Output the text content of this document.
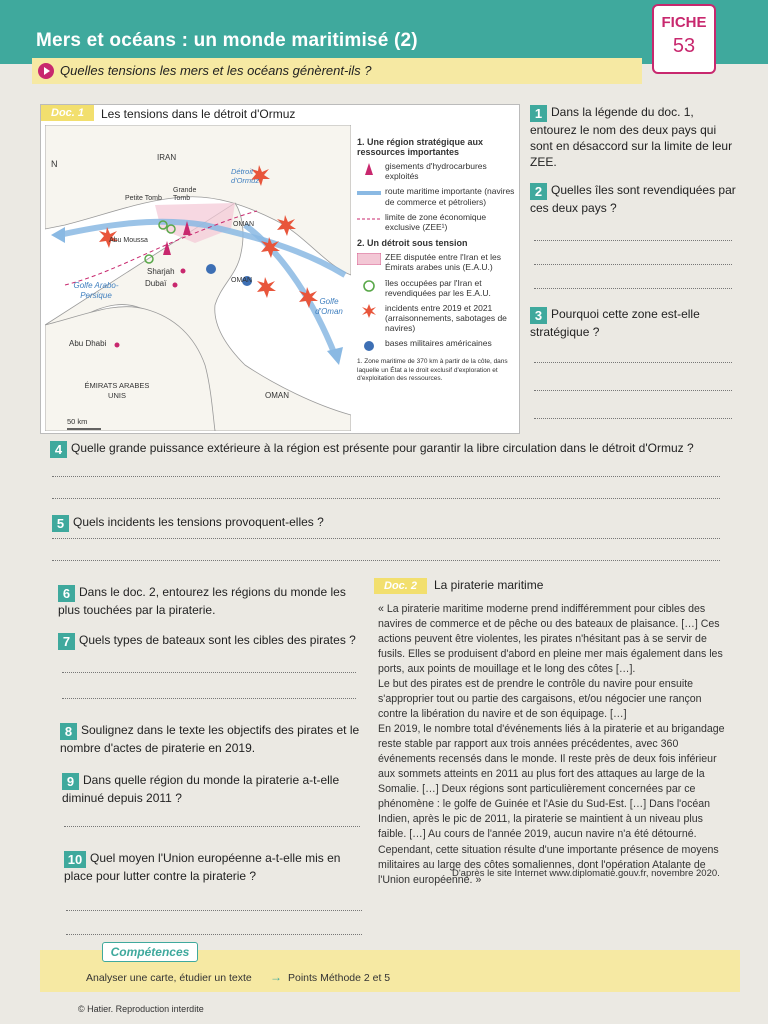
Mers et océans : un monde maritimisé (2)
FICHE
53
Quelles tensions les mers et les océans génèrent-ils ?
Doc. 1	Les tensions dans le détroit d'Ormuz
N
IRAN
Détroit d'Ormuz
Petite Tomb
Grande Tomb
Abu Moussa
OMAN
Sharjah
Dubaï	OMAN
Golfe Arabo-Persique
Golfe d'Oman
Abu Dhabi
ÉMIRATS ARABES UNIS	OMAN
50 km
1. Une région stratégique aux ressources importantes
gisements d'hydrocarbures exploités
route maritime importante (navires de commerce et pétroliers)
limite de zone économique exclusive (ZEE¹)
2. Un détroit sous tension
ZEE disputée entre l'Iran et les Émirats arabes unis (E.A.U.)
îles occupées par l'Iran et revendiquées par les E.A.U.
incidents entre 2019 et 2021 (arraisonnements, sabotages de navires)
bases militaires américaines
1. Zone maritime de 370 km à partir de la côte, dans laquelle un État a le droit exclusif d'exploration et d'exploitation des ressources.
1 Dans la légende du doc. 1, entourez le nom des deux pays qui sont en désaccord sur la limite de leur ZEE.
2 Quelles îles sont revendiquées par ces deux pays ?
3 Pourquoi cette zone est-elle stratégique ?
4 Quelle grande puissance extérieure à la région est présente pour garantir la libre circulation dans le détroit d'Ormuz ?
5 Quels incidents les tensions provoquent-elles ?
6 Dans le doc. 2, entourez les régions du monde les plus touchées par la piraterie.
7 Quels types de bateaux sont les cibles des pirates ?
8 Soulignez dans le texte les objectifs des pirates et le nombre d'actes de piraterie en 2019.
9 Dans quelle région du monde la piraterie a-t-elle diminué depuis 2011 ?
10 Quel moyen l'Union européenne a-t-elle mis en place pour lutter contre la piraterie ?
Doc. 2	La piraterie maritime

« La piraterie maritime moderne prend indifféremment pour cibles des navires de commerce et de pêche ou des bateaux de plaisance. […] Ces actions peuvent être violentes, les pirates n'hésitant pas à se servir de fusils. Elles se produisent d'abord en pleine mer mais également dans les ports, aux points de mouillage et le long des côtes […].

Le but des pirates est de prendre le contrôle du navire pour ensuite s'approprier tout ou partie des cargaisons, et/ou négocier une rançon contre la libération du navire et de son équipage. […]

En 2019, le nombre total d'événements liés à la piraterie et au brigandage reste stable par rapport aux trois années précédentes, avec 360 événements recensés dans le monde. Il reste près de deux fois inférieur aux sommets atteints en 2011 au plus fort des attaques au large de la Somalie. […] Deux régions sont particulièrement concernées par ce phénomène : le golfe de Guinée et l'Asie du Sud-Est. […] Dans l'océan Indien, après le pic de 2011, la piraterie se maintient à un niveau plus faible. […] Au cours de l'année 2019, aucun navire n'a été détourné. Cependant, cette situation résulte d'une importante présence de moyens militaires au large des côtes somaliennes, dont l'opération Atalante de l'Union européenne. »

D'après le site Internet www.diplomatie.gouv.fr, novembre 2020.
Compétences
Analyser une carte, étudier un texte → Points Méthode 2 et 5
© Hatier. Reproduction interdite
